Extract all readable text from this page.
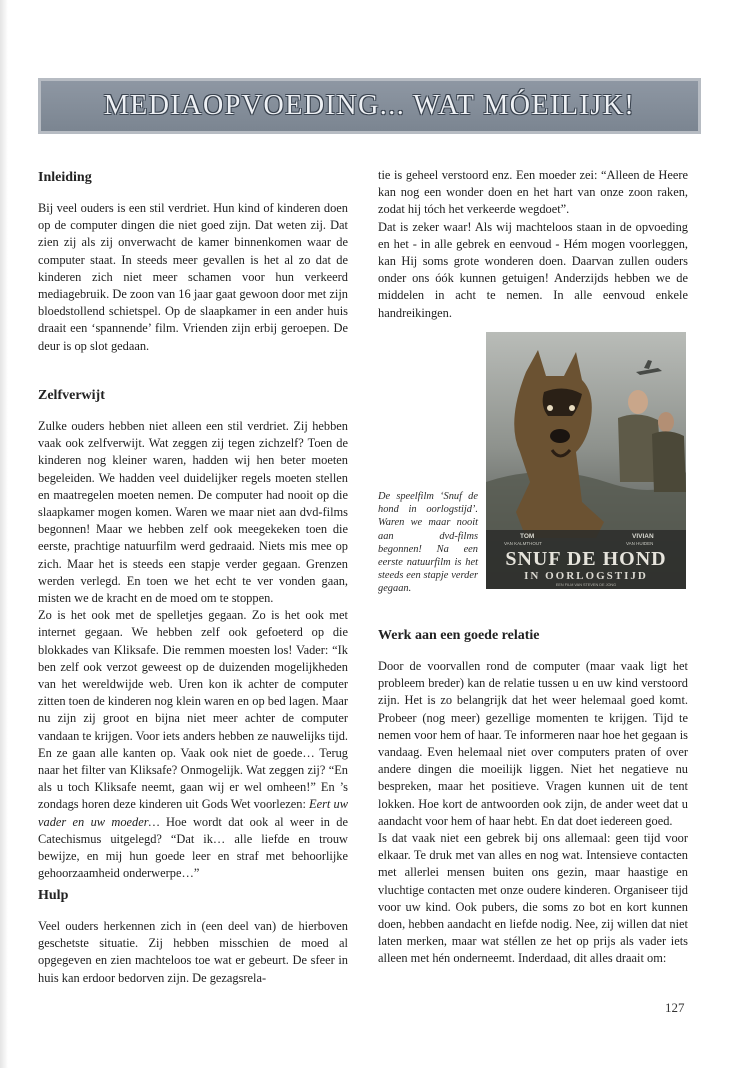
MEDIAOPVOEDING... WAT MÓEILIJK!
Inleiding

Bij veel ouders is een stil verdriet. Hun kind of kinderen doen op de computer dingen die niet goed zijn. Dat weten zij. Dat zien zij als zij onverwacht de kamer binnenkomen waar de computer staat. In steeds meer gevallen is het al zo dat de kinderen zich niet meer schamen voor hun verkeerd mediagebruik. De zoon van 16 jaar gaat gewoon door met zijn bloedstollend schietspel. Op de slaapkamer in een ander huis draait een ‘spannende’ film. Vrienden zijn erbij geroepen. De deur is op slot gedaan.

Zelfverwijt

Zulke ouders hebben niet alleen een stil verdriet. Zij hebben vaak ook zelfverwijt. Wat zeggen zij tegen zichzelf? Toen de kinderen nog kleiner waren, hadden wij hen beter moeten begeleiden. We hadden veel duidelijker regels moeten stellen en maatregelen moeten nemen. De computer had nooit op die slaapkamer mogen komen. Waren we maar niet aan dvd-films begonnen! Maar we hebben zelf ook meegekeken toen die eerste, prachtige natuurfilm werd gedraaid. Niets mis mee op zich. Maar het is steeds een stapje verder gegaan. Grenzen werden verlegd. En toen we het echt te ver vonden gaan, misten we de kracht en de moed om te stoppen.

Zo is het ook met de spelletjes gegaan. Zo is het ook met internet gegaan. We hebben zelf ook gefoeterd op die blokkades van Kliksafe. Die remmen moesten los! Vader: “Ik ben zelf ook verzot geweest op de duizenden mogelijkheden van het wereldwijde web. Uren kon ik achter de computer zitten toen de kinderen nog klein waren en op bed lagen. Maar nu zijn zij groot en bijna niet meer achter de computer vandaan te krijgen. Voor iets anders hebben ze nauwelijks tijd. En ze gaan alle kanten op. Vaak ook niet de goede… Terug naar het filter van Kliksafe? Onmogelijk. Wat zeggen zij? “En als u toch Kliksafe neemt, gaan wij er wel omheen!” En ’s zondags horen deze kinderen uit Gods Wet voorlezen: Eert uw vader en uw moeder… Hoe wordt dat ook al weer in de Catechismus uitgelegd? “Dat ik… alle liefde en trouw bewijze, en mij hun goede leer en straf met behoorlijke gehoorzaamheid onderwerpe…”

Hulp

Veel ouders herkennen zich in (een deel van) de hierboven geschetste situatie. Zij hebben misschien de moed al opgegeven en zien machteloos toe wat er gebeurt. De sfeer in huis kan erdoor bedorven zijn. De gezagsrela-

tie is geheel verstoord enz. Een moeder zei: “Alleen de Heere kan nog een wonder doen en het hart van onze zoon raken, zodat hij tóch het verkeerde wegdoet”.

Dat is zeker waar! Als wij machteloos staan in de opvoeding en het - in alle gebrek en eenvoud - Hém mogen voorleggen, kan Hij soms grote wonderen doen. Daarvan zullen ouders onder ons óók kunnen getuigen! Anderzijds hebben we de middelen in acht te nemen. In alle eenvoud enkele handreikingen.

TOM
VAN KALMTHOUT
VIVIAN
VAN HUIDEN
SNUF DE HOND
IN OORLOGSTIJD
EEN FILM VAN STEVEN DE JONG
De speelfilm ‘Snuf de hond in oorlogstijd’. Waren we maar nooit aan dvd-films begonnen! Na een eerste natuurfilm is het steeds een stapje verder gegaan.
Werk aan een goede relatie

Door de voorvallen rond de computer (maar vaak ligt het probleem breder) kan de relatie tussen u en uw kind verstoord zijn. Het is zo belangrijk dat het weer helemaal goed komt. Probeer (nog meer) gezellige momenten te krijgen. Tijd te nemen voor hem of haar. Te informeren naar hoe het gegaan is vandaag. Even helemaal niet over computers praten of over andere dingen die moeilijk liggen. Niet het negatieve nu bespreken, maar het positieve. Vragen kunnen uit de tent lokken. Hoe kort de antwoorden ook zijn, de ander weet dat u aandacht voor hem of haar hebt. En dat doet iedereen goed.

Is dat vaak niet een gebrek bij ons allemaal: geen tijd voor elkaar. Te druk met van alles en nog wat. Intensieve contacten met allerlei mensen buiten ons gezin, maar haastige en vluchtige contacten met onze oudere kinderen. Organiseer tijd voor uw kind. Ook pubers, die soms zo bot en kort kunnen doen, hebben aandacht en liefde nodig. Nee, zij willen dat niet laten merken, maar wat stéllen ze het op prijs als vader iets alleen met hén onderneemt. Inderdaad, dit alles draait om:

127
